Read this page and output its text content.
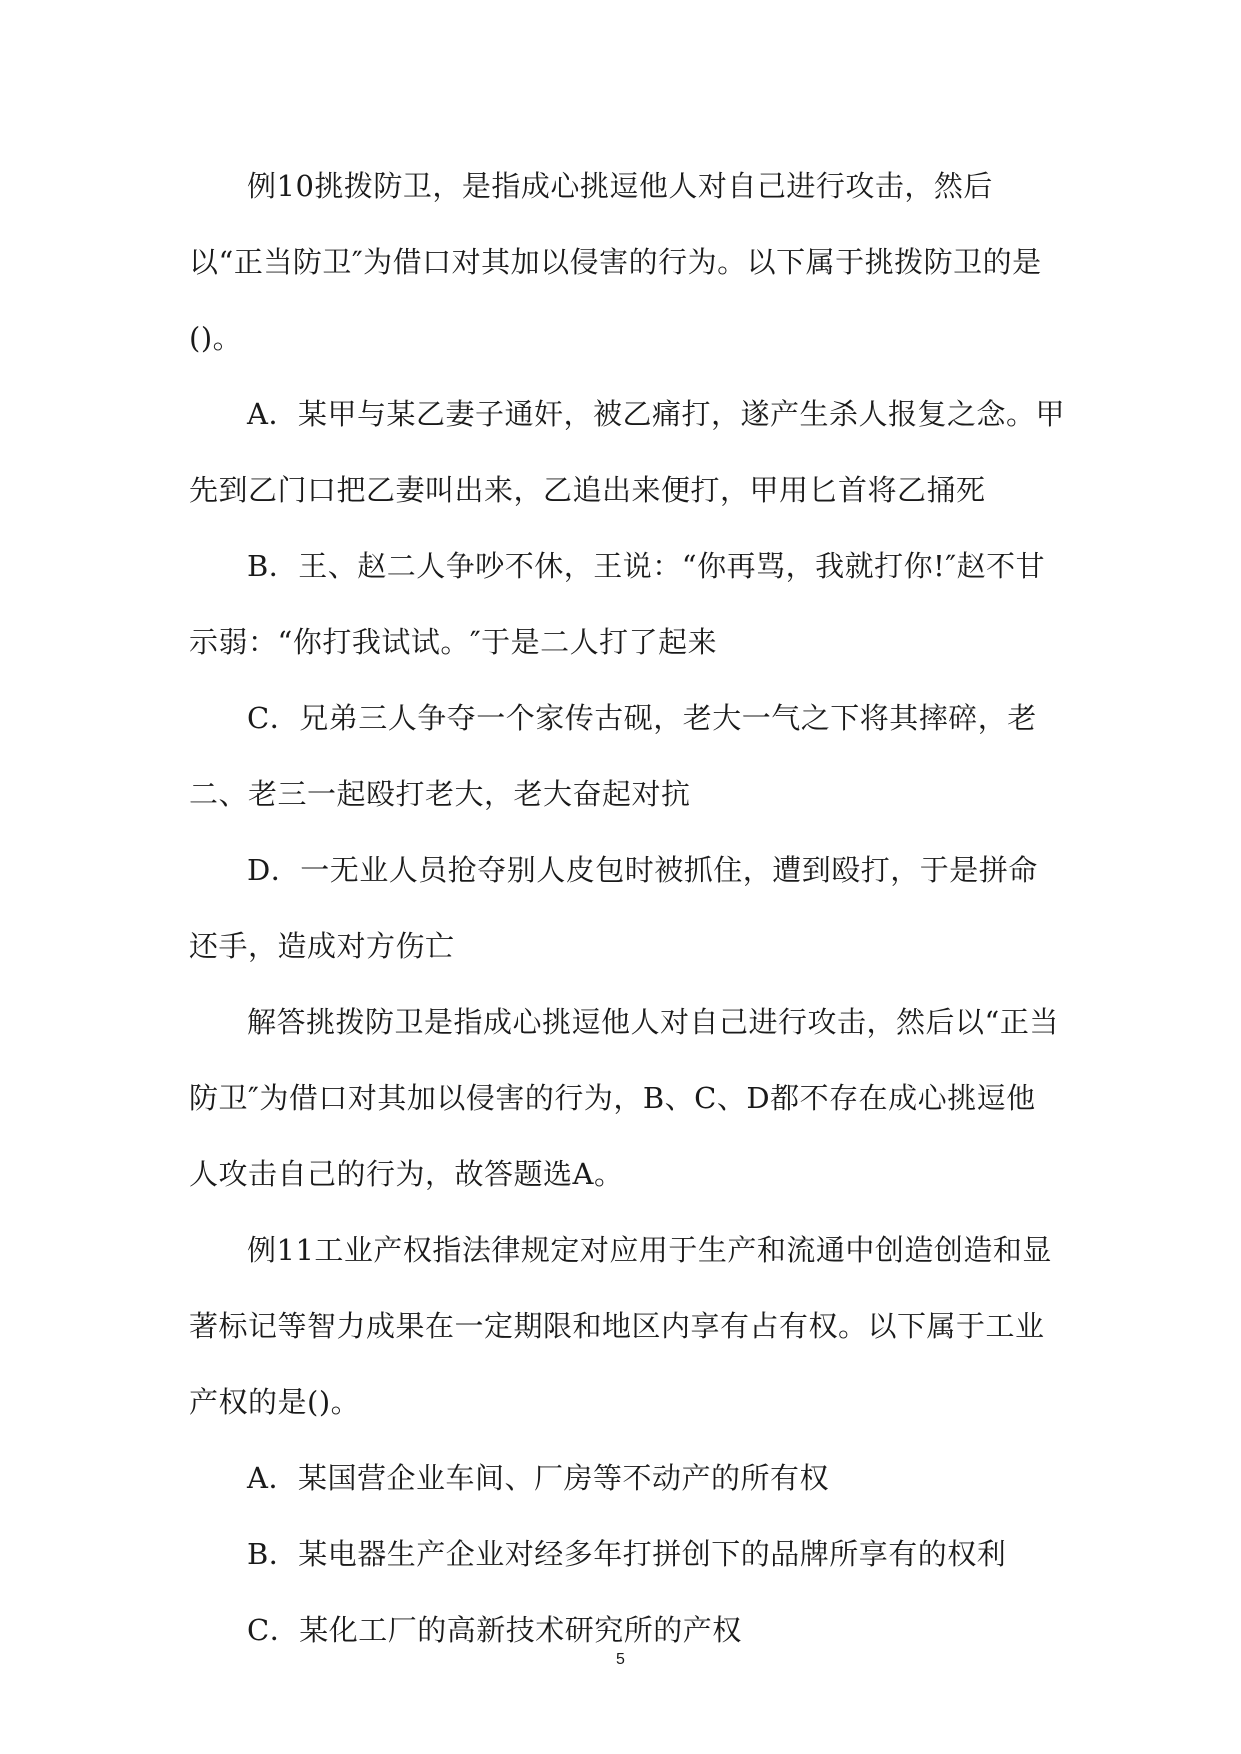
例10挑拨防卫，是指成心挑逗他人对自己进行攻击，然后以“正当防卫″为借口对其加以侵害的行为。以下属于挑拨防卫的是()。

A．某甲与某乙妻子通奸，被乙痛打，遂产生杀人报复之念。甲先到乙门口把乙妻叫出来，乙追出来便打，甲用匕首将乙捅死

B．王、赵二人争吵不休，王说：“你再骂，我就打你!″赵不甘示弱：“你打我试试。″于是二人打了起来

C．兄弟三人争夺一个家传古砚，老大一气之下将其摔碎，老二、老三一起殴打老大，老大奋起对抗

D．一无业人员抢夺别人皮包时被抓住，遭到殴打，于是拼命还手，造成对方伤亡

解答挑拨防卫是指成心挑逗他人对自己进行攻击，然后以“正当防卫″为借口对其加以侵害的行为，B、C、D都不存在成心挑逗他人攻击自己的行为，故答题选A。

例11工业产权指法律规定对应用于生产和流通中创造创造和显著标记等智力成果在一定期限和地区内享有占有权。以下属于工业产权的是()。

A．某国营企业车间、厂房等不动产的所有权

B．某电器生产企业对经多年打拼创下的品牌所享有的权利

C．某化工厂的高新技术研究所的产权

5
